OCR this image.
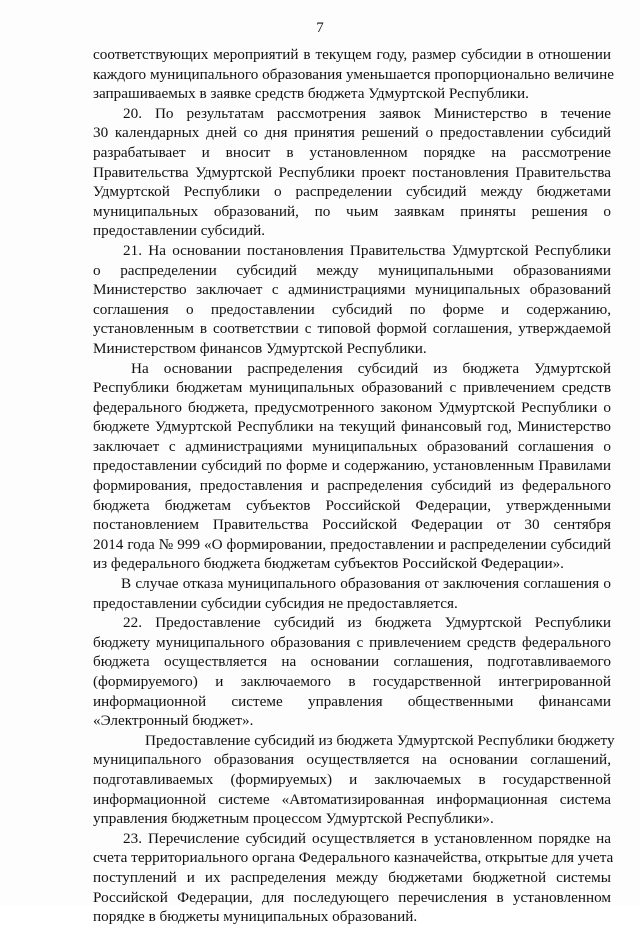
7
соответствующих мероприятий в текущем году, размер субсидии в отношении
каждого муниципального образования уменьшается пропорционально величине
запрашиваемых в заявке средств бюджета Удмуртской Республики.
20. По результатам рассмотрения заявок Министерство в течение
30 календарных дней со дня принятия решений о предоставлении субсидий
разрабатывает и вносит в установленном порядке на рассмотрение
Правительства Удмуртской Республики проект постановления Правительства
Удмуртской Республики о распределении субсидий между бюджетами
муниципальных образований, по чьим заявкам приняты решения о
предоставлении субсидий.
21. На основании постановления Правительства Удмуртской Республики
о распределении субсидий между муниципальными образованиями
Министерство заключает с администрациями муниципальных образований
соглашения о предоставлении субсидий по форме и содержанию,
установленным в соответствии с типовой формой соглашения, утверждаемой
Министерством финансов Удмуртской Республики.
На основании распределения субсидий из бюджета Удмуртской
Республики бюджетам муниципальных образований с привлечением средств
федерального бюджета, предусмотренного законом Удмуртской Республики о
бюджете Удмуртской Республики на текущий финансовый год, Министерство
заключает с администрациями муниципальных образований соглашения о
предоставлении субсидий по форме и содержанию, установленным Правилами
формирования, предоставления и распределения субсидий из федерального
бюджета бюджетам субъектов Российской Федерации, утвержденными
постановлением Правительства Российской Федерации от 30 сентября
2014 года № 999 «О формировании, предоставлении и распределении субсидий
из федерального бюджета бюджетам субъектов Российской Федерации».
В случае отказа муниципального образования от заключения соглашения о
предоставлении субсидии субсидия не предоставляется.
22. Предоставление субсидий из бюджета Удмуртской Республики
бюджету муниципального образования с привлечением средств федерального
бюджета осуществляется на основании соглашения, подготавливаемого
(формируемого) и заключаемого в государственной интегрированной
информационной системе управления общественными финансами
«Электронный бюджет».
Предоставление субсидий из бюджета Удмуртской Республики бюджету
муниципального образования осуществляется на основании соглашений,
подготавливаемых (формируемых) и заключаемых в государственной
информационной системе «Автоматизированная информационная система
управления бюджетным процессом Удмуртской Республики».
23. Перечисление субсидий осуществляется в установленном порядке на
счета территориального органа Федерального казначейства, открытые для учета
поступлений и их распределения между бюджетами бюджетной системы
Российской Федерации, для последующего перечисления в установленном
порядке в бюджеты муниципальных образований.
